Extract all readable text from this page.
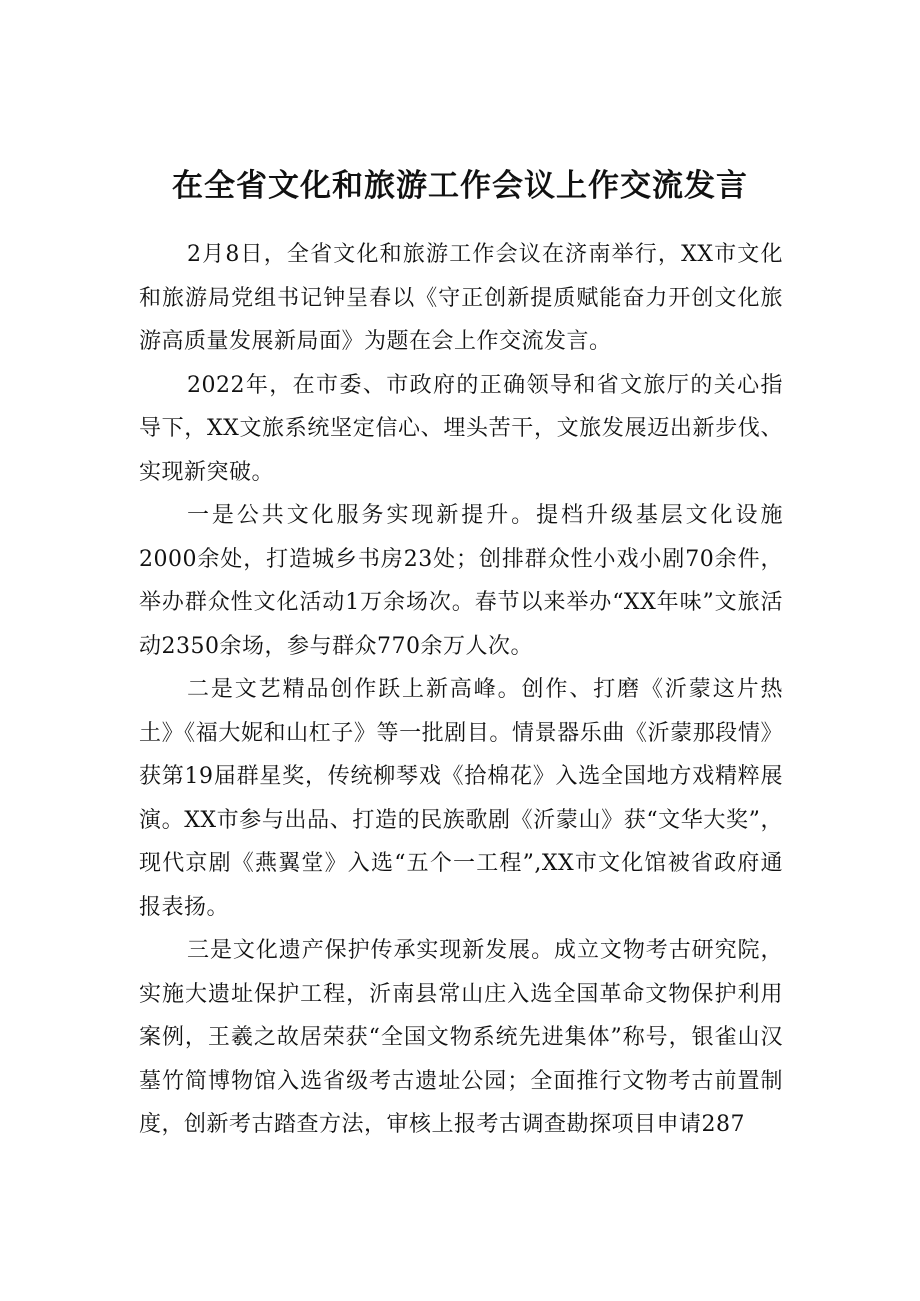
在全省文化和旅游工作会议上作交流发言

2月8日，全省文化和旅游工作会议在济南举行，XX市文化和旅游局党组书记钟呈春以《守正创新提质赋能奋力开创文化旅游高质量发展新局面》为题在会上作交流发言。

2022年，在市委、市政府的正确领导和省文旅厅的关心指导下，XX文旅系统坚定信心、埋头苦干，文旅发展迈出新步伐、实现新突破。

一是公共文化服务实现新提升。提档升级基层文化设施2000余处，打造城乡书房23处；创排群众性小戏小剧70余件，举办群众性文化活动1万余场次。春节以来举办“XX年味”文旅活动2350余场，参与群众770余万人次。

二是文艺精品创作跃上新高峰。创作、打磨《沂蒙这片热土》《福大妮和山杠子》等一批剧目。情景器乐曲《沂蒙那段情》获第19届群星奖，传统柳琴戏《拾棉花》入选全国地方戏精粹展演。XX市参与出品、打造的民族歌剧《沂蒙山》获“文华大奖”，现代京剧《燕翼堂》入选“五个一工程”,XX市文化馆被省政府通报表扬。

三是文化遗产保护传承实现新发展。成立文物考古研究院，实施大遗址保护工程，沂南县常山庄入选全国革命文物保护利用案例，王羲之故居荣获“全国文物系统先进集体”称号，银雀山汉墓竹简博物馆入选省级考古遗址公园；全面推行文物考古前置制度，创新考古踏查方法，审核上报考古调查勘探项目申请287
